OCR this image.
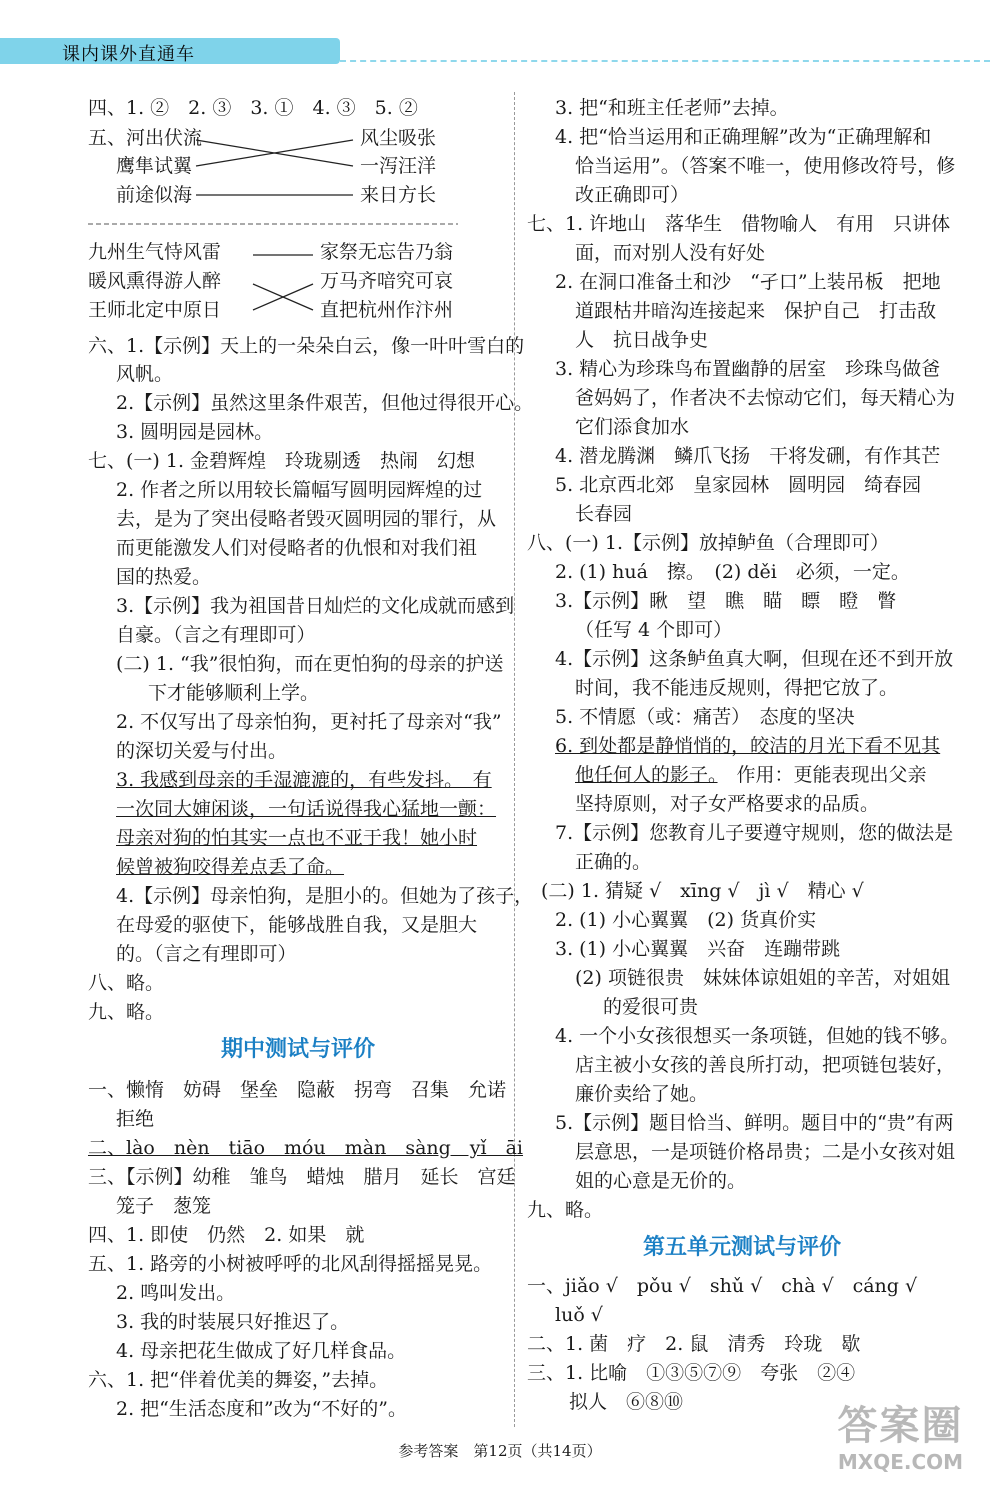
课内课外直通车
四、1. ②　2. ③　3. ①　4. ③　5. ②
五、河出伏流
鹰隼试翼
前途似海
风尘吸张
一泻汪洋
来日方长
九州生气恃风雷
暖风熏得游人醉
王师北定中原日
家祭无忘告乃翁
万马齐喑究可哀
直把杭州作汴州
六、1.【示例】天上的一朵朵白云，像一叶叶雪白的
风帆。
2.【示例】虽然这里条件艰苦，但他过得很开心。
3. 圆明园是园林。
七、(一) 1. 金碧辉煌　玲珑剔透　热闹　幻想
2. 作者之所以用较长篇幅写圆明园辉煌的过
去，是为了突出侵略者毁灭圆明园的罪行，从
而更能激发人们对侵略者的仇恨和对我们祖
国的热爱。
3.【示例】我为祖国昔日灿烂的文化成就而感到
自豪。（言之有理即可）
(二) 1. “我”很怕狗，而在更怕狗的母亲的护送
下才能够顺利上学。
2. 不仅写出了母亲怕狗，更衬托了母亲对“我”
的深切关爱与付出。
3. 我感到母亲的手湿漉漉的，有些发抖。　有
一次同大婶闲谈，一句话说得我心猛地一颤：
母亲对狗的怕其实一点也不亚于我！她小时
候曾被狗咬得差点丢了命。
4.【示例】母亲怕狗，是胆小的。但她为了孩子，
在母爱的驱使下，能够战胜自我，又是胆大
的。（言之有理即可）
八、略。
九、略。
期中测试与评价
一、懒惰　妨碍　堡垒　隐蔽　拐弯　召集　允诺
拒绝
二、lào　nèn　tiāo　móu　màn　sàng　yǐ　āi
三、【示例】幼稚　雏鸟　蜡烛　腊月　延长　宫廷
笼子　葱笼
四、1. 即使　仍然　2. 如果　就
五、1. 路旁的小树被呼呼的北风刮得摇摇晃晃。
2. 鸣叫发出。
3. 我的时装展只好推迟了。
4. 母亲把花生做成了好几样食品。
六、1. 把“伴着优美的舞姿，”去掉。
2. 把“生活态度和”改为“不好的”。
3. 把“和班主任老师”去掉。
4. 把“恰当运用和正确理解”改为“正确理解和
恰当运用”。（答案不唯一，使用修改符号，修
改正确即可）
七、1. 许地山　落华生　借物喻人　有用　只讲体
面，而对别人没有好处
2. 在洞口准备土和沙　“孑口”上装吊板　把地
道跟枯井暗沟连接起来　保护自己　打击敌
人　抗日战争史
3. 精心为珍珠鸟布置幽静的居室　珍珠鸟做爸
爸妈妈了，作者决不去惊动它们，每天精心为
它们添食加水
4. 潜龙腾渊　鳞爪飞扬　干将发硎，有作其芒
5. 北京西北郊　皇家园林　圆明园　绮春园
长春园
八、(一) 1.【示例】放掉鲈鱼（合理即可）
2. (1) huá　擦。　(2) děi　必须，一定。
3.【示例】瞅　望　瞧　瞄　瞟　瞪　瞥
（任写 4 个即可）
4.【示例】这条鲈鱼真大啊，但现在还不到开放
时间，我不能违反规则，得把它放了。
5. 不情愿（或：痛苦）　态度的坚决
6. 到处都是静悄悄的，皎洁的月光下看不见其
他任何人的影子。　作用：更能表现出父亲
坚持原则，对子女严格要求的品质。
7.【示例】您教育儿子要遵守规则，您的做法是
正确的。
(二) 1. 猜疑 √　xīng √　jì √　精心 √
2. (1) 小心翼翼　(2) 货真价实
3. (1) 小心翼翼　兴奋　连蹦带跳
(2) 项链很贵　妹妹体谅姐姐的辛苦，对姐姐
的爱很可贵
4. 一个小女孩很想买一条项链，但她的钱不够。
店主被小女孩的善良所打动，把项链包装好，
廉价卖给了她。
5.【示例】题目恰当、鲜明。题目中的“贵”有两
层意思，一是项链价格昂贵；二是小女孩对姐
姐的心意是无价的。
九、略。
第五单元测试与评价
一、jiǎo √　pǒu √　shǔ √　chà √　cáng √
luǒ √
二、1. 菌　疗　2. 鼠　清秀　玲珑　歇
三、1. 比喻　①③⑤⑦⑨　夸张　②④
拟人　⑥⑧⑩
参考答案　第12页（共14页）
答案圈
MXQE.COM
